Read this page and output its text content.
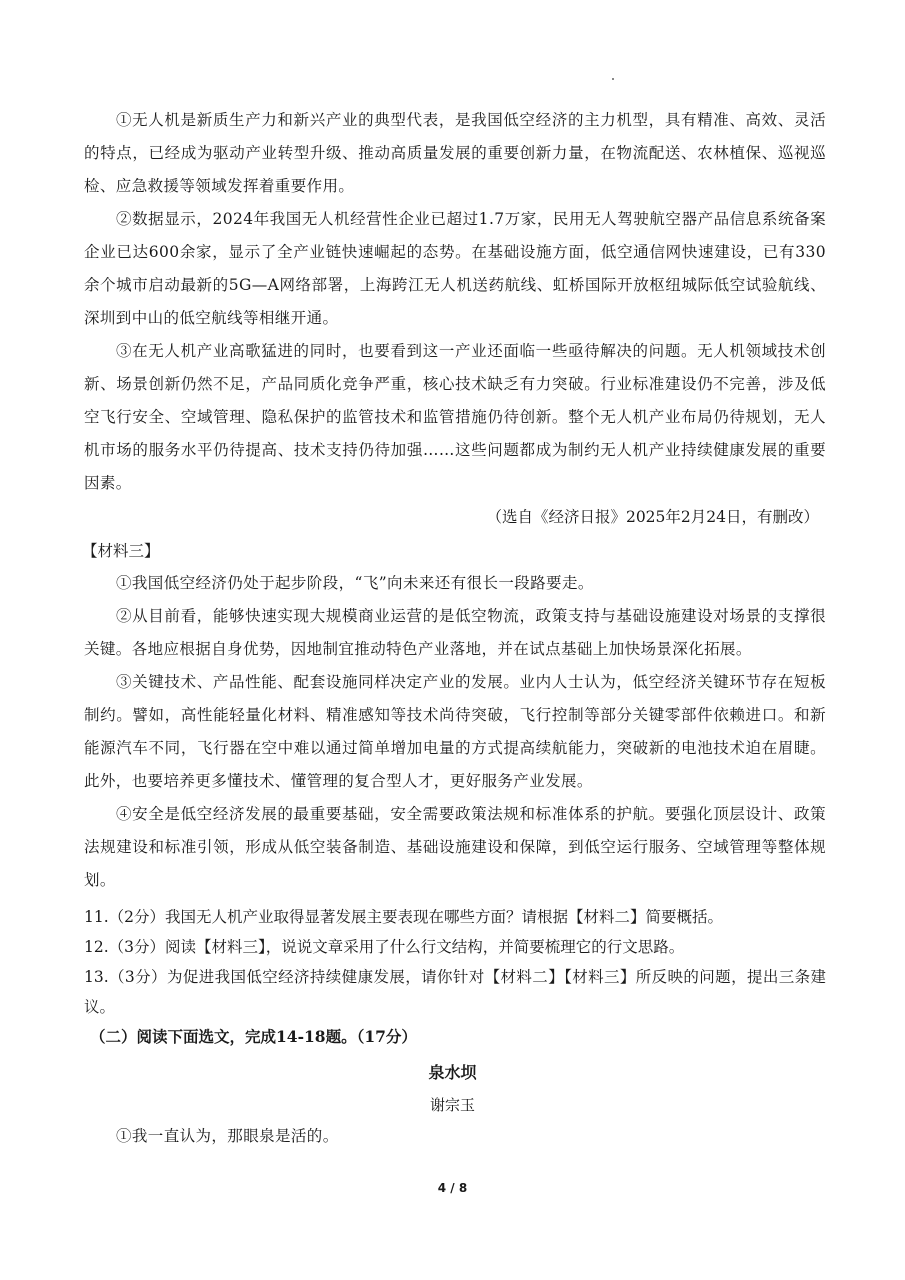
①无人机是新质生产力和新兴产业的典型代表，是我国低空经济的主力机型，具有精准、高效、灵活的特点，已经成为驱动产业转型升级、推动高质量发展的重要创新力量，在物流配送、农林植保、巡视巡检、应急救援等领域发挥着重要作用。

②数据显示，2024年我国无人机经营性企业已超过1.7万家，民用无人驾驶航空器产品信息系统备案企业已达600余家，显示了全产业链快速崛起的态势。在基础设施方面，低空通信网快速建设，已有330余个城市启动最新的5G—A网络部署，上海跨江无人机送药航线、虹桥国际开放枢纽城际低空试验航线、深圳到中山的低空航线等相继开通。

③在无人机产业高歌猛进的同时，也要看到这一产业还面临一些亟待解决的问题。无人机领域技术创新、场景创新仍然不足，产品同质化竞争严重，核心技术缺乏有力突破。行业标准建设仍不完善，涉及低空飞行安全、空域管理、隐私保护的监管技术和监管措施仍待创新。整个无人机产业布局仍待规划，无人机市场的服务水平仍待提高、技术支持仍待加强……这些问题都成为制约无人机产业持续健康发展的重要因素。

（选自《经济日报》2025年2月24日，有删改）

【材料三】

①我国低空经济仍处于起步阶段，“飞”向未来还有很长一段路要走。

②从目前看，能够快速实现大规模商业运营的是低空物流，政策支持与基础设施建设对场景的支撑很关键。各地应根据自身优势，因地制宜推动特色产业落地，并在试点基础上加快场景深化拓展。

③关键技术、产品性能、配套设施同样决定产业的发展。业内人士认为，低空经济关键环节存在短板制约。譬如，高性能轻量化材料、精准感知等技术尚待突破，飞行控制等部分关键零部件依赖进口。和新能源汽车不同，飞行器在空中难以通过简单增加电量的方式提高续航能力，突破新的电池技术迫在眉睫。此外，也要培养更多懂技术、懂管理的复合型人才，更好服务产业发展。

④安全是低空经济发展的最重要基础，安全需要政策法规和标准体系的护航。要强化顶层设计、政策法规建设和标准引领，形成从低空装备制造、基础设施建设和保障，到低空运行服务、空域管理等整体规划。

11.（2分）我国无人机产业取得显著发展主要表现在哪些方面？请根据【材料二】简要概括。

12.（3分）阅读【材料三】，说说文章采用了什么行文结构，并简要梳理它的行文思路。

13.（3分）为促进我国低空经济持续健康发展，请你针对【材料二】【材料三】所反映的问题，提出三条建议。

（二）阅读下面选文，完成14-18题。（17分）
泉水坝
谢宗玉

①我一直认为，那眼泉是活的。

4 / 8
